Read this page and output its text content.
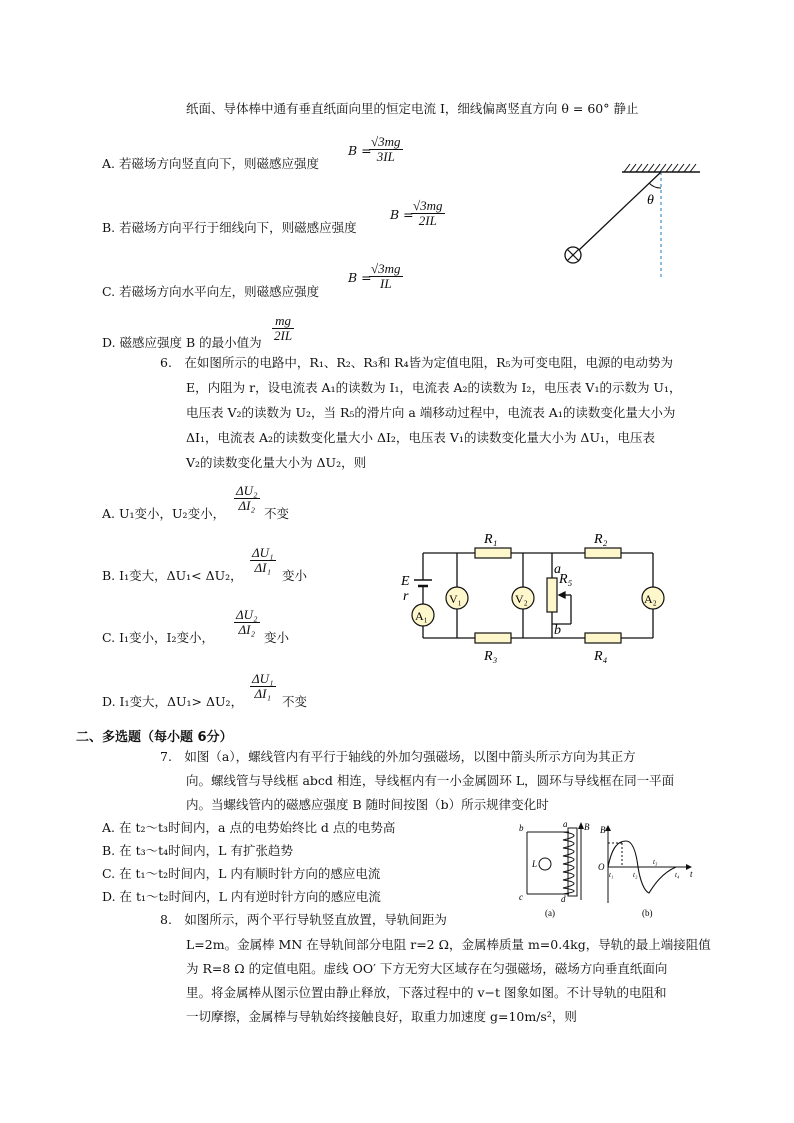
纸面、导体棒中通有垂直纸面向里的恒定电流 I，细线偏离竖直方向 θ = 60° 静止
A. 若磁场方向竖直向下，则磁感应强度
B =
$\frac{√3mg}{3IL}$
B. 若磁场方向平行于细线向下，则磁感应强度
B =
$\frac{√3mg}{2IL}$
C. 若磁场方向水平向左，则磁感应强度
B =
$\frac{√3mg}{IL}$
D. 磁感应强度 B 的最小值为 $\frac{mg}{2IL}$
θ
6.　在如图所示的电路中，R₁、R₂、R₃和 R₄皆为定值电阻，R₅为可变电阻，电源的电动势为
E，内阻为 r，设电流表 A₁的读数为 I₁，电流表 A₂的读数为 I₂，电压表 V₁的示数为 U₁，
电压表 V₂的读数为 U₂，当 R₅的滑片向 a 端移动过程中，电流表 A₁的读数变化量大小为
ΔI₁，电流表 A₂的读数变化量大小 ΔI₂，电压表 V₁的读数变化量大小为 ΔU₁，电压表
V₂的读数变化量大小为 ΔU₂，则
A. U₁变小，U₂变小，
$\frac{\text{ΔU₂}}{\text{ΔI₂}}$
不变
B. I₁变大，ΔU₁< ΔU₂，
$\frac{\text{ΔU₁}}{\text{ΔI₁}}$
变小
C. I₁变小，I₂变小，
$\frac{\text{ΔU₂}}{\text{ΔI₂}}$
变小
D. I₁变大，ΔU₁> ΔU₂，
$\frac{\text{ΔU₁}}{\text{ΔI₁}}$
不变
R₁	R₂
R₃	R₄
R₅
a
b
E
r	V₁	V₂	A₂
A₁
二、多选题（每小题 6分）
7.　如图（a），螺线管内有平行于轴线的外加匀强磁场，以图中箭头所示方向为其正方
向。螺线管与导线框 abcd 相连，导线框内有一小金属圆环 L，圆环与导线框在同一平面
内。当螺线管内的磁感应强度 B 随时间按图（b）所示规律变化时
A. 在 t₂～t₃时间内，a 点的电势始终比 d 点的电势高
B. 在 t₃～t₄时间内，L 有扩张趋势
C. 在 t₁～t₂时间内，L 内有顺时针方向的感应电流
D. 在 t₁～t₂时间内，L 内有逆时针方向的感应电流
b	a
c	d
L
B
(a)
B
O
t
t₁	t₂
t₃
t₄
(b)
8.　如图所示，两个平行导轨竖直放置，导轨间距为
L=2m。金属棒 MN 在导轨间部分电阻 r=2 Ω，金属棒质量 m=0.4kg，导轨的最上端接阻值
为 R=8 Ω 的定值电阻。虚线 OO′ 下方无穷大区域存在匀强磁场，磁场方向垂直纸面向
里。将金属棒从图示位置由静止释放，下落过程中的 v−t 图象如图。不计导轨的电阻和
一切摩擦，金属棒与导轨始终接触良好，取重力加速度 g=10m/s²，则
